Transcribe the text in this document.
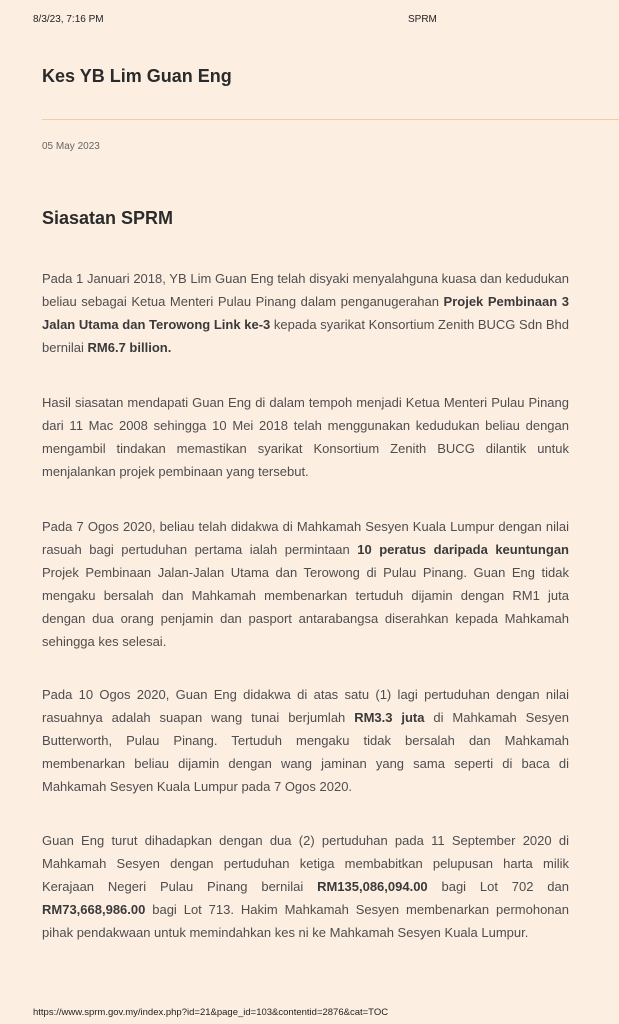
8/3/23, 7:16 PM	SPRM
Kes YB Lim Guan Eng
05 May 2023
Siasatan SPRM

Pada 1 Januari 2018, YB Lim Guan Eng telah disyaki menyalahguna kuasa dan kedudukan beliau sebagai Ketua Menteri Pulau Pinang dalam penganugerahan Projek Pembinaan 3 Jalan Utama dan Terowong Link ke-3 kepada syarikat Konsortium Zenith BUCG Sdn Bhd bernilai RM6.7 billion.

Hasil siasatan mendapati Guan Eng di dalam tempoh menjadi Ketua Menteri Pulau Pinang dari 11 Mac 2008 sehingga 10 Mei 2018 telah menggunakan kedudukan beliau dengan mengambil tindakan memastikan syarikat Konsortium Zenith BUCG dilantik untuk menjalankan projek pembinaan yang tersebut.

Pada 7 Ogos 2020, beliau telah didakwa di Mahkamah Sesyen Kuala Lumpur dengan nilai rasuah bagi pertuduhan pertama ialah permintaan 10 peratus daripada keuntungan Projek Pembinaan Jalan-Jalan Utama dan Terowong di Pulau Pinang. Guan Eng tidak mengaku bersalah dan Mahkamah membenarkan tertuduh dijamin dengan RM1 juta dengan dua orang penjamin dan pasport antarabangsa diserahkan kepada Mahkamah sehingga kes selesai.

Pada 10 Ogos 2020, Guan Eng didakwa di atas satu (1) lagi pertuduhan dengan nilai rasuahnya adalah suapan wang tunai berjumlah RM3.3 juta di Mahkamah Sesyen Butterworth, Pulau Pinang. Tertuduh mengaku tidak bersalah dan Mahkamah membenarkan beliau dijamin dengan wang jaminan yang sama seperti di baca di Mahkamah Sesyen Kuala Lumpur pada 7 Ogos 2020.

Guan Eng turut dihadapkan dengan dua (2) pertuduhan pada 11 September 2020 di Mahkamah Sesyen dengan pertuduhan ketiga membabitkan pelupusan harta milik Kerajaan Negeri Pulau Pinang bernilai RM135,086,094.00 bagi Lot 702 dan RM73,668,986.00 bagi Lot 713. Hakim Mahkamah Sesyen membenarkan permohonan pihak pendakwaan untuk memindahkan kes ni ke Mahkamah Sesyen Kuala Lumpur.

https://www.sprm.gov.my/index.php?id=21&page_id=103&contentid=2876&cat=TOC
